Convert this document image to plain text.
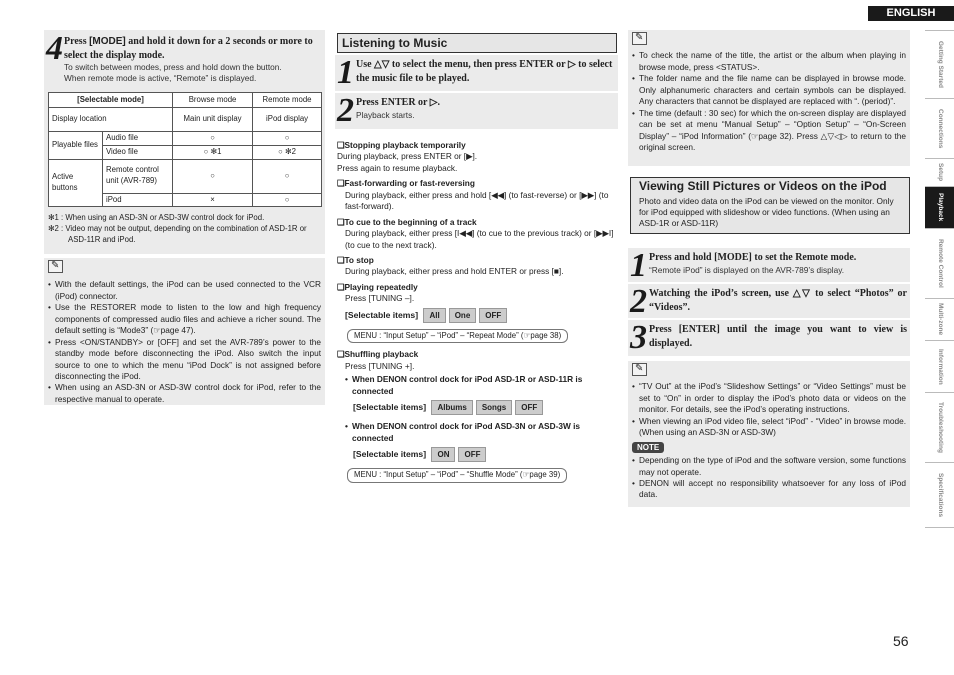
ENGLISH
Getting Started
Connections
Setup
Playback
Remote Control
Multi-zone
Information
Troubleshooting
Specifications
4 Press [MODE] and hold it down for a 2 seconds or more to select the display mode.
To switch between modes, press and hold down the button.
When remote mode is active, “Remote” is displayed.
[Selectable mode]		Browse mode	Remote mode
Display location		Main unit display	iPod display
Playable files	Audio file	○	○
	Video file	○ ✻1	○ ✻2
Active buttons	Remote control unit (AVR-789)	○	○
	iPod	×	○
✻1 : When using an ASD-3N or ASD-3W control dock for iPod.
✻2 : Video may not be output, depending on the combination of ASD-1R or ASD-11R and iPod.
✎
• With the default settings, the iPod can be used connected to the VCR (iPod) connector.
• Use the RESTORER mode to listen to the low and high frequency components of compressed audio files and achieve a richer sound. The default setting is “Mode3” (☞page 47).
• Press <ON/STANDBY> or [OFF] and set the AVR-789’s power to the standby mode before disconnecting the iPod. Also switch the input source to one to which the menu “iPod Dock” is not assigned before disconnecting the iPod.
• When using an ASD-3N or ASD-3W control dock for iPod, refer to the respective manual to operate.
Listening to Music
1 Use △▽ to select the menu, then press ENTER or ▷ to select the music file to be played.
2 Press ENTER or ▷.
Playback starts.
❑Stopping playback temporarily
During playback, press ENTER or [▶].
Press again to resume playback.
❑Fast-forwarding or fast-reversing
During playback, either press and hold [◀◀] (to fast-reverse) or [▶▶] (to fast-forward).
❑To cue to the beginning of a track
During playback, either press [I◀◀] (to cue to the previous track) or [▶▶I] (to cue to the next track).
❑To stop
During playback, either press and hold ENTER or press [■].
❑Playing repeatedly
Press [TUNING –].
[Selectable items] All One OFF
MENU : “Input Setup” – “iPod” – “Repeat Mode” (☞page 38)
❑Shuffling playback
Press [TUNING +].
• When DENON control dock for iPod ASD-1R or ASD-11R is connected
[Selectable items] Albums Songs OFF
• When DENON control dock for iPod ASD-3N or ASD-3W is connected
[Selectable items] ON OFF
MENU : “Input Setup” – “iPod” – “Shuffle Mode” (☞page 39)
✎
• To check the name of the title, the artist or the album when playing in browse mode, press <STATUS>.
• The folder name and the file name can be displayed in browse mode. Only alphanumeric characters and certain symbols can be displayed. Any characters that cannot be displayed are replaced with “. (period)”.
• The time (default : 30 sec) for which the on-screen display are displayed can be set at menu “Manual Setup” – “Option Setup” – “On-Screen Display” – “iPod Information” (☞page 32). Press △▽◁▷ to return to the original screen.
Viewing Still Pictures or Videos on the iPod
Photo and video data on the iPod can be viewed on the monitor. Only for iPod equipped with slideshow or video functions. (When using an ASD-1R or ASD-11R)
1 Press and hold [MODE] to set the Remote mode.
“Remote iPod” is displayed on the AVR-789’s display.
2 Watching the iPod’s screen, use △▽ to select “Photos” or “Videos”.
3 Press [ENTER] until the image you want to view is displayed.
✎
• “TV Out” at the iPod’s “Slideshow Settings” or “Video Settings” must be set to “On” in order to display the iPod’s photo data or videos on the monitor. For details, see the iPod’s operating instructions.
• When viewing an iPod video file, select “iPod” - “Video” in browse mode. (When using an ASD-3N or ASD-3W)
NOTE
• Depending on the type of iPod and the software version, some functions may not operate.
• DENON will accept no responsibility whatsoever for any loss of iPod data.
56
